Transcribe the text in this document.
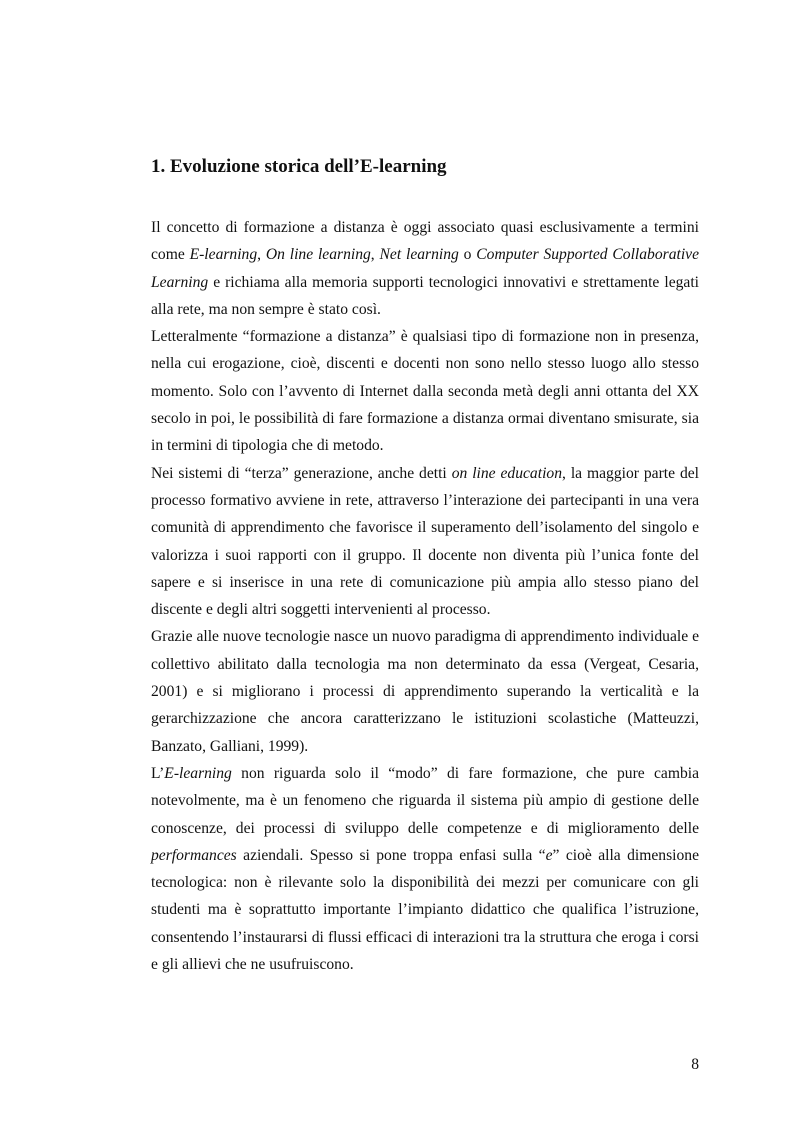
1. Evoluzione storica dell’E-learning

Il concetto di formazione a distanza è oggi associato quasi esclusivamente a termini come E-learning, On line learning, Net learning o Computer Supported Collaborative Learning e richiama alla memoria supporti tecnologici innovativi e strettamente legati alla rete, ma non sempre è stato così.

Letteralmente “formazione a distanza” è qualsiasi tipo di formazione non in presenza, nella cui erogazione, cioè, discenti e docenti non sono nello stesso luogo allo stesso momento. Solo con l’avvento di Internet dalla seconda metà degli anni ottanta del XX secolo in poi, le possibilità di fare formazione a distanza ormai diventano smisurate, sia in termini di tipologia che di metodo.

Nei sistemi di “terza” generazione, anche detti on line education, la maggior parte del processo formativo avviene in rete, attraverso l’interazione dei partecipanti in una vera comunità di apprendimento che favorisce il superamento dell’isolamento del singolo e valorizza i suoi rapporti con il gruppo. Il docente non diventa più l’unica fonte del sapere e si inserisce in una rete di comunicazione più ampia allo stesso piano del discente e degli altri soggetti intervenienti al processo.

Grazie alle nuove tecnologie nasce un nuovo paradigma di apprendimento individuale e collettivo abilitato dalla tecnologia ma non determinato da essa (Vergeat, Cesaria, 2001) e si migliorano i processi di apprendimento superando la verticalità e la gerarchizzazione che ancora caratterizzano le istituzioni scolastiche (Matteuzzi, Banzato, Galliani, 1999).

L’E-learning non riguarda solo il “modo” di fare formazione, che pure cambia notevolmente, ma è un fenomeno che riguarda il sistema più ampio di gestione delle conoscenze, dei processi di sviluppo delle competenze e di miglioramento delle performances aziendali. Spesso si pone troppa enfasi sulla “e” cioè alla dimensione tecnologica: non è rilevante solo la disponibilità dei mezzi per comunicare con gli studenti ma è soprattutto importante l’impianto didattico che qualifica l’istruzione, consentendo l’instaurarsi di flussi efficaci di interazioni tra la struttura che eroga i corsi e gli allievi che ne usufruiscono.

8
